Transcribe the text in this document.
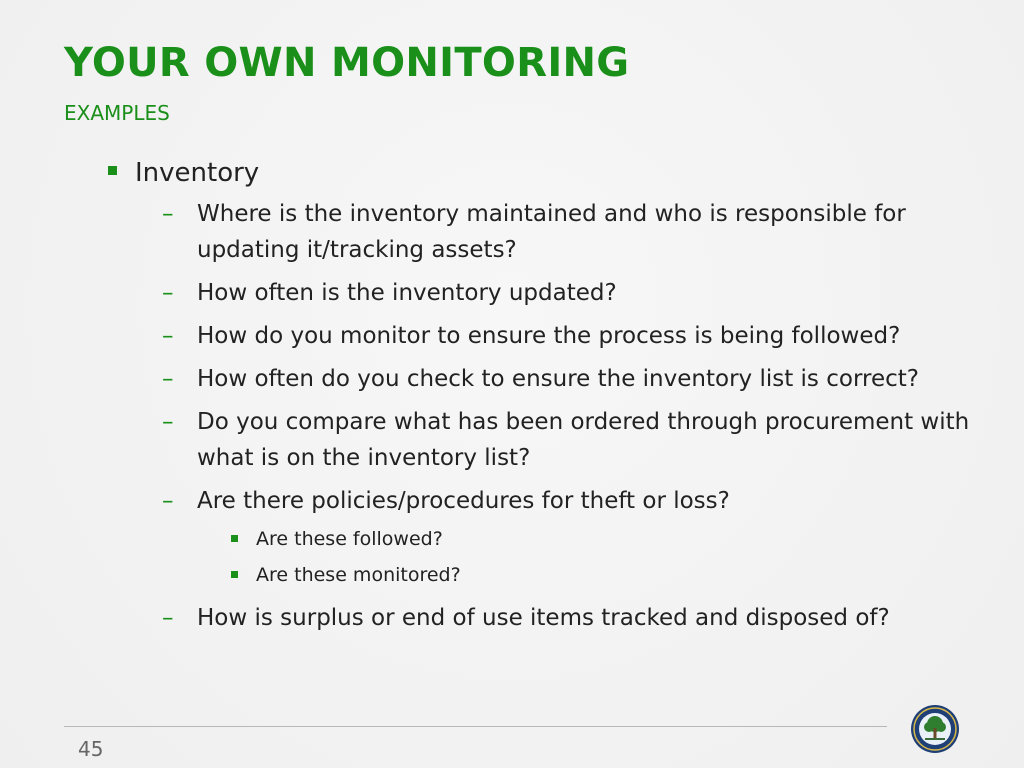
YOUR OWN MONITORING
EXAMPLES
Inventory
– Where is the inventory maintained and who is responsible for updating it/tracking assets?
– How often is the inventory updated?
– How do you monitor to ensure the process is being followed?
– How often do you check to ensure the inventory list is correct?
– Do you compare what has been ordered through procurement with what is on the inventory list?
– Are there policies/procedures for theft or loss?
Are these followed?
Are these monitored?
– How is surplus or end of use items tracked and disposed of?
45
